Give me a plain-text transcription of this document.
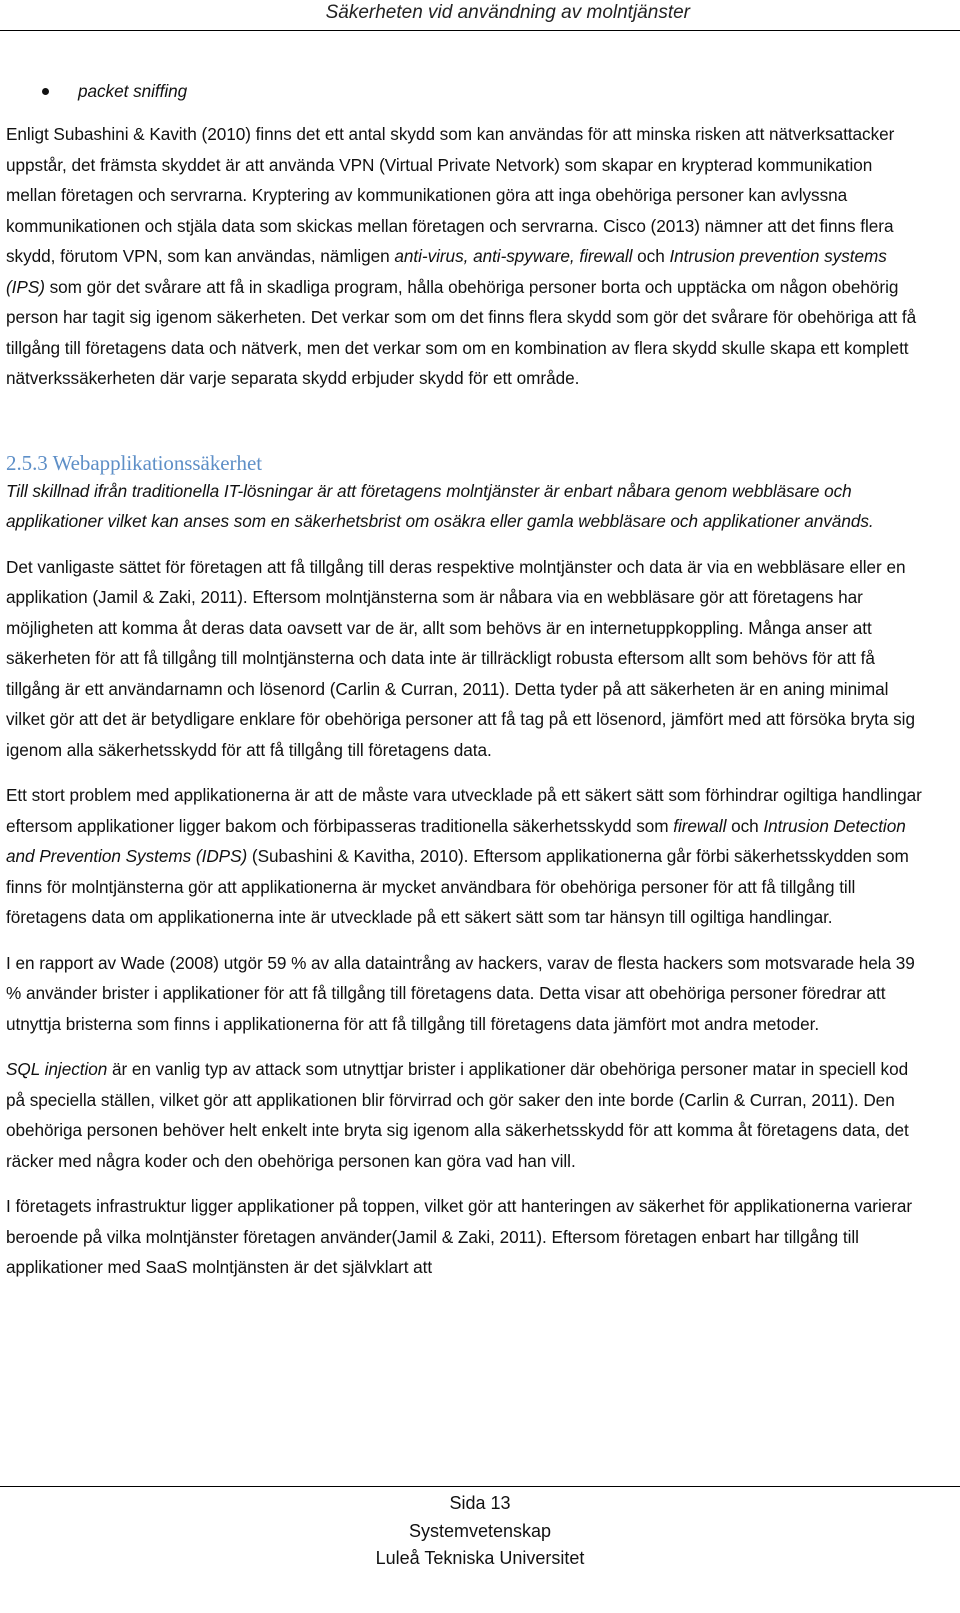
Säkerheten vid användning av molntjänster
packet sniffing

Enligt Subashini & Kavith (2010) finns det ett antal skydd som kan användas för att minska risken att nätverksattacker uppstår, det främsta skyddet är att använda VPN (Virtual Private Netvork) som skapar en krypterad kommunikation mellan företagen och servrarna. Kryptering av kommunikationen göra att inga obehöriga personer kan avlyssna kommunikationen och stjäla data som skickas mellan företagen och servrarna. Cisco (2013) nämner att det finns flera skydd, förutom VPN, som kan användas, nämligen anti-virus, anti-spyware, firewall och Intrusion prevention systems (IPS) som gör det svårare att få in skadliga program, hålla obehöriga personer borta och upptäcka om någon obehörig person har tagit sig igenom säkerheten. Det verkar som om det finns flera skydd som gör det svårare för obehöriga att få tillgång till företagens data och nätverk, men det verkar som om en kombination av flera skydd skulle skapa ett komplett nätverkssäkerheten där varje separata skydd erbjuder skydd för ett område.

2.5.3 Webapplikationssäkerhet

Till skillnad ifrån traditionella IT-lösningar är att företagens molntjänster är enbart nåbara genom webbläsare och applikationer vilket kan anses som en säkerhetsbrist om osäkra eller gamla webbläsare och applikationer används.

Det vanligaste sättet för företagen att få tillgång till deras respektive molntjänster och data är via en webbläsare eller en applikation (Jamil & Zaki, 2011). Eftersom molntjänsterna som är nåbara via en webbläsare gör att företagens har möjligheten att komma åt deras data oavsett var de är, allt som behövs är en internetuppkoppling. Många anser att säkerheten för att få tillgång till molntjänsterna och data inte är tillräckligt robusta eftersom allt som behövs för att få tillgång är ett användarnamn och lösenord (Carlin & Curran, 2011). Detta tyder på att säkerheten är en aning minimal vilket gör att det är betydligare enklare för obehöriga personer att få tag på ett lösenord, jämfört med att försöka bryta sig igenom alla säkerhetsskydd för att få tillgång till företagens data.

Ett stort problem med applikationerna är att de måste vara utvecklade på ett säkert sätt som förhindrar ogiltiga handlingar eftersom applikationer ligger bakom och förbipasseras traditionella säkerhetsskydd som firewall och Intrusion Detection and Prevention Systems (IDPS) (Subashini & Kavitha, 2010). Eftersom applikationerna går förbi säkerhetsskydden som finns för molntjänsterna gör att applikationerna är mycket användbara för obehöriga personer för att få tillgång till företagens data om applikationerna inte är utvecklade på ett säkert sätt som tar hänsyn till ogiltiga handlingar.

I en rapport av Wade (2008) utgör 59 % av alla dataintrång av hackers, varav de flesta hackers som motsvarade hela 39 % använder brister i applikationer för att få tillgång till företagens data. Detta visar att obehöriga personer föredrar att utnyttja bristerna som finns i applikationerna för att få tillgång till företagens data jämfört mot andra metoder.

SQL injection är en vanlig typ av attack som utnyttjar brister i applikationer där obehöriga personer matar in speciell kod på speciella ställen, vilket gör att applikationen blir förvirrad och gör saker den inte borde (Carlin & Curran, 2011). Den obehöriga personen behöver helt enkelt inte bryta sig igenom alla säkerhetsskydd för att komma åt företagens data, det räcker med några koder och den obehöriga personen kan göra vad han vill.

I företagets infrastruktur ligger applikationer på toppen, vilket gör att hanteringen av säkerhet för applikationerna varierar beroende på vilka molntjänster företagen använder(Jamil & Zaki, 2011). Eftersom företagen enbart har tillgång till applikationer med SaaS molntjänsten är det självklart att

Sida 13
Systemvetenskap
Luleå Tekniska Universitet
